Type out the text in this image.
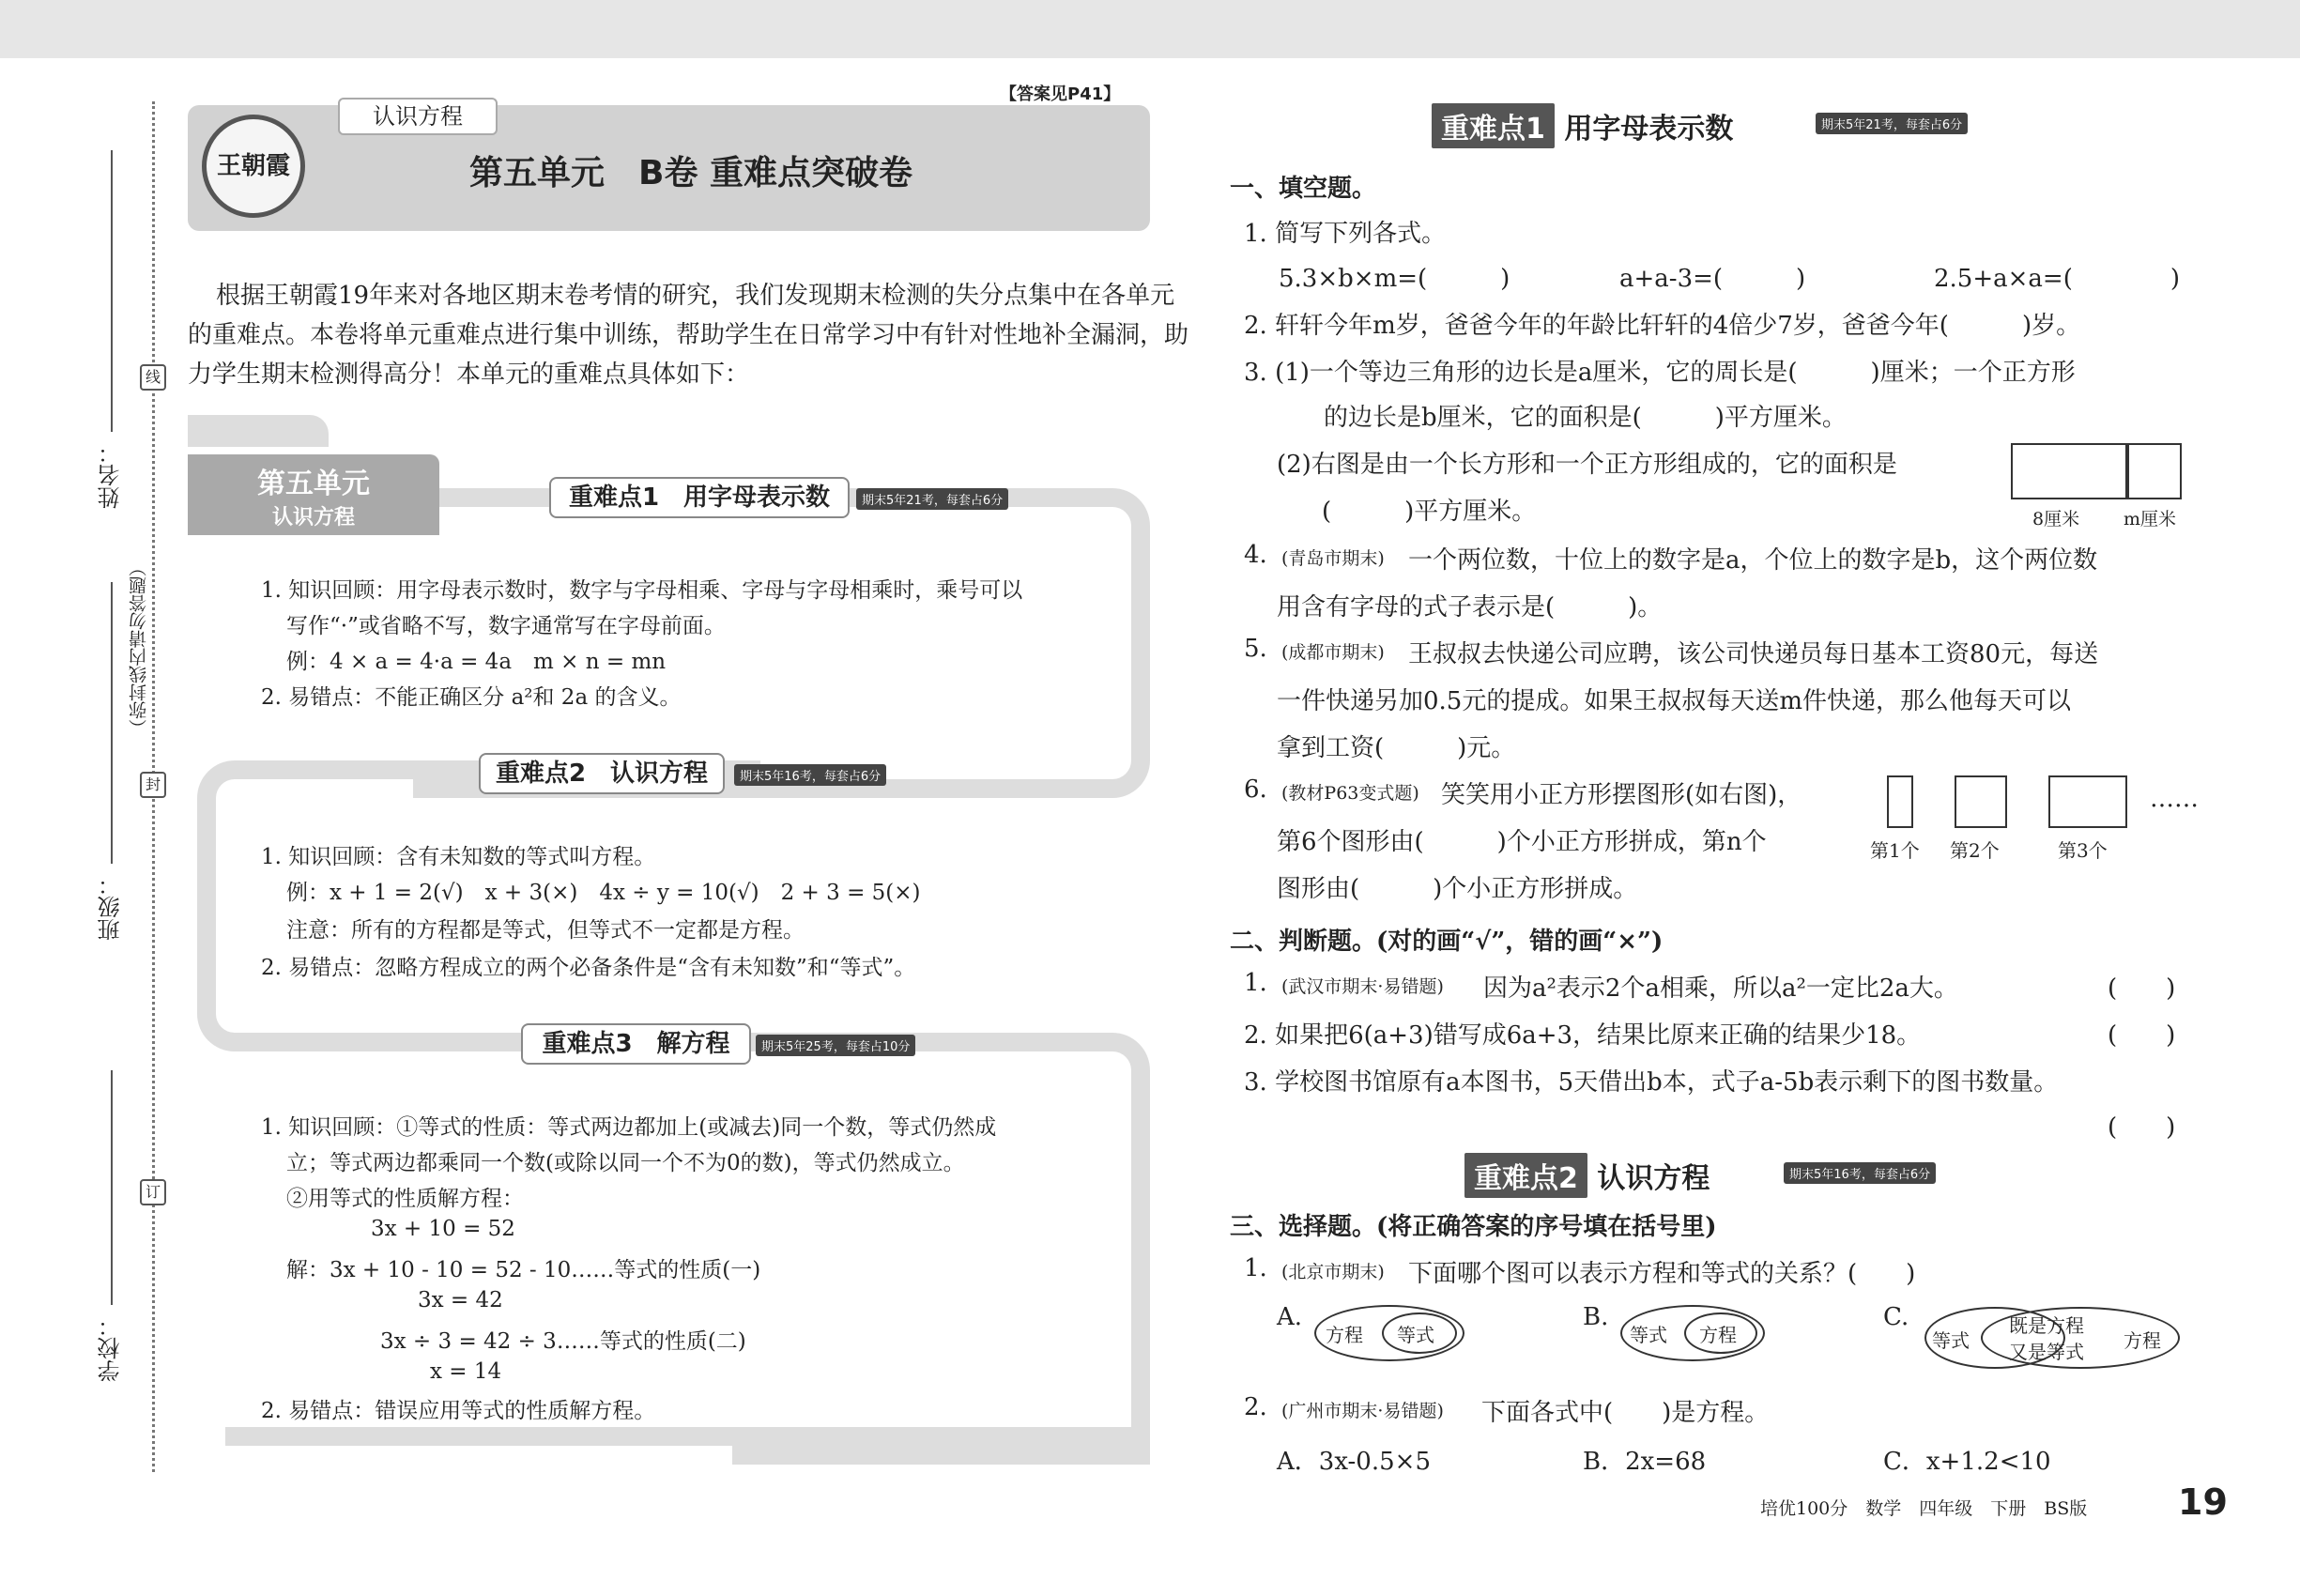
姓名：
线
（弥封线内请勿答题）
封
班级：
订
学校：
认识方程
【答案见P41】
王朝霞	第五单元　B卷 重难点突破卷
根据王朝霞19年来对各地区期末卷考情的研究，我们发现期末检测的失分点集中在各单元
的重难点。本卷将单元重难点进行集中训练，帮助学生在日常学习中有针对性地补全漏洞，助
力学生期末检测得高分！本单元的重难点具体如下：
第五单元
认识方程
重难点1　用字母表示数	期末5年21考，每套占6分
1. 知识回顾：用字母表示数时，数字与字母相乘、字母与字母相乘时，乘号可以
写作“·”或省略不写，数字通常写在字母前面。
例：4 × a = 4·a = 4a　m × n = mn
2. 易错点：不能正确区分 a²和 2a 的含义。
重难点2　认识方程	期末5年16考，每套占6分
1. 知识回顾：含有未知数的等式叫方程。
例：x + 1 = 2(√)　x + 3(×)　4x ÷ y = 10(√)　2 + 3 = 5(×)
注意：所有的方程都是等式，但等式不一定都是方程。
2. 易错点：忽略方程成立的两个必备条件是“含有未知数”和“等式”。
重难点3　解方程	期末5年25考，每套占10分
1. 知识回顾：①等式的性质：等式两边都加上(或减去)同一个数，等式仍然成
立；等式两边都乘同一个数(或除以同一个不为0的数)，等式仍然成立。
②用等式的性质解方程：
3x + 10 = 52
解：3x + 10 - 10 = 52 - 10……等式的性质(一)
3x = 42
3x ÷ 3 = 42 ÷ 3……等式的性质(二)
x = 14
2. 易错点：错误应用等式的性质解方程。
重难点1 用字母表示数	期末5年21考，每套占6分
一、填空题。
1. 简写下列各式。
5.3×b×m=(　　　)	a+a-3=(　　　)	2.5+a×a=(　　　　)
2. 轩轩今年m岁，爸爸今年的年龄比轩轩的4倍少7岁，爸爸今年(　　　)岁。
3. (1)一个等边三角形的边长是a厘米，它的周长是(　　　)厘米；一个正方形
的边长是b厘米，它的面积是(　　　)平方厘米。
(2)右图是由一个长方形和一个正方形组成的，它的面积是
(　　　)平方厘米。	8厘米 m厘米
4. (青岛市期末) 一个两位数，十位上的数字是a，个位上的数字是b，这个两位数
用含有字母的式子表示是(　　　)。
5. (成都市期末) 王叔叔去快递公司应聘，该公司快递员每日基本工资80元，每送
一件快递另加0.5元的提成。如果王叔叔每天送m件快递，那么他每天可以
拿到工资(　　　)元。
6. (教材P63变式题) 笑笑用小正方形摆图形(如右图)，
第6个图形由(　　　)个小正方形拼成，第n个
图形由(　　　)个小正方形拼成。
第1个 第2个	第3个
……
二、判断题。(对的画“√”，错的画“×”)
1. (武汉市期末·易错题) 因为a²表示2个a相乘，所以a²一定比2a大。	(　　)
2. 如果把6(a+3)错写成6a+3，结果比原来正确的结果少18。	(　　)
3. 学校图书馆原有a本图书，5天借出b本，式子a-5b表示剩下的图书数量。
(　　)
重难点2 认识方程	期末5年16考，每套占6分
三、选择题。(将正确答案的序号填在括号里)
1. (北京市期末) 下面哪个图可以表示方程和等式的关系？(　　)
A.
方程 等式
B.
等式 方程
C.
等式
既是方程
又是等式 方程
2. (广州市期末·易错题) 下面各式中(　　)是方程。
A．3x-0.5×5	B．2x=68	C．x+1.2<10
培优100分　数学　四年级　下册　BS版	19
